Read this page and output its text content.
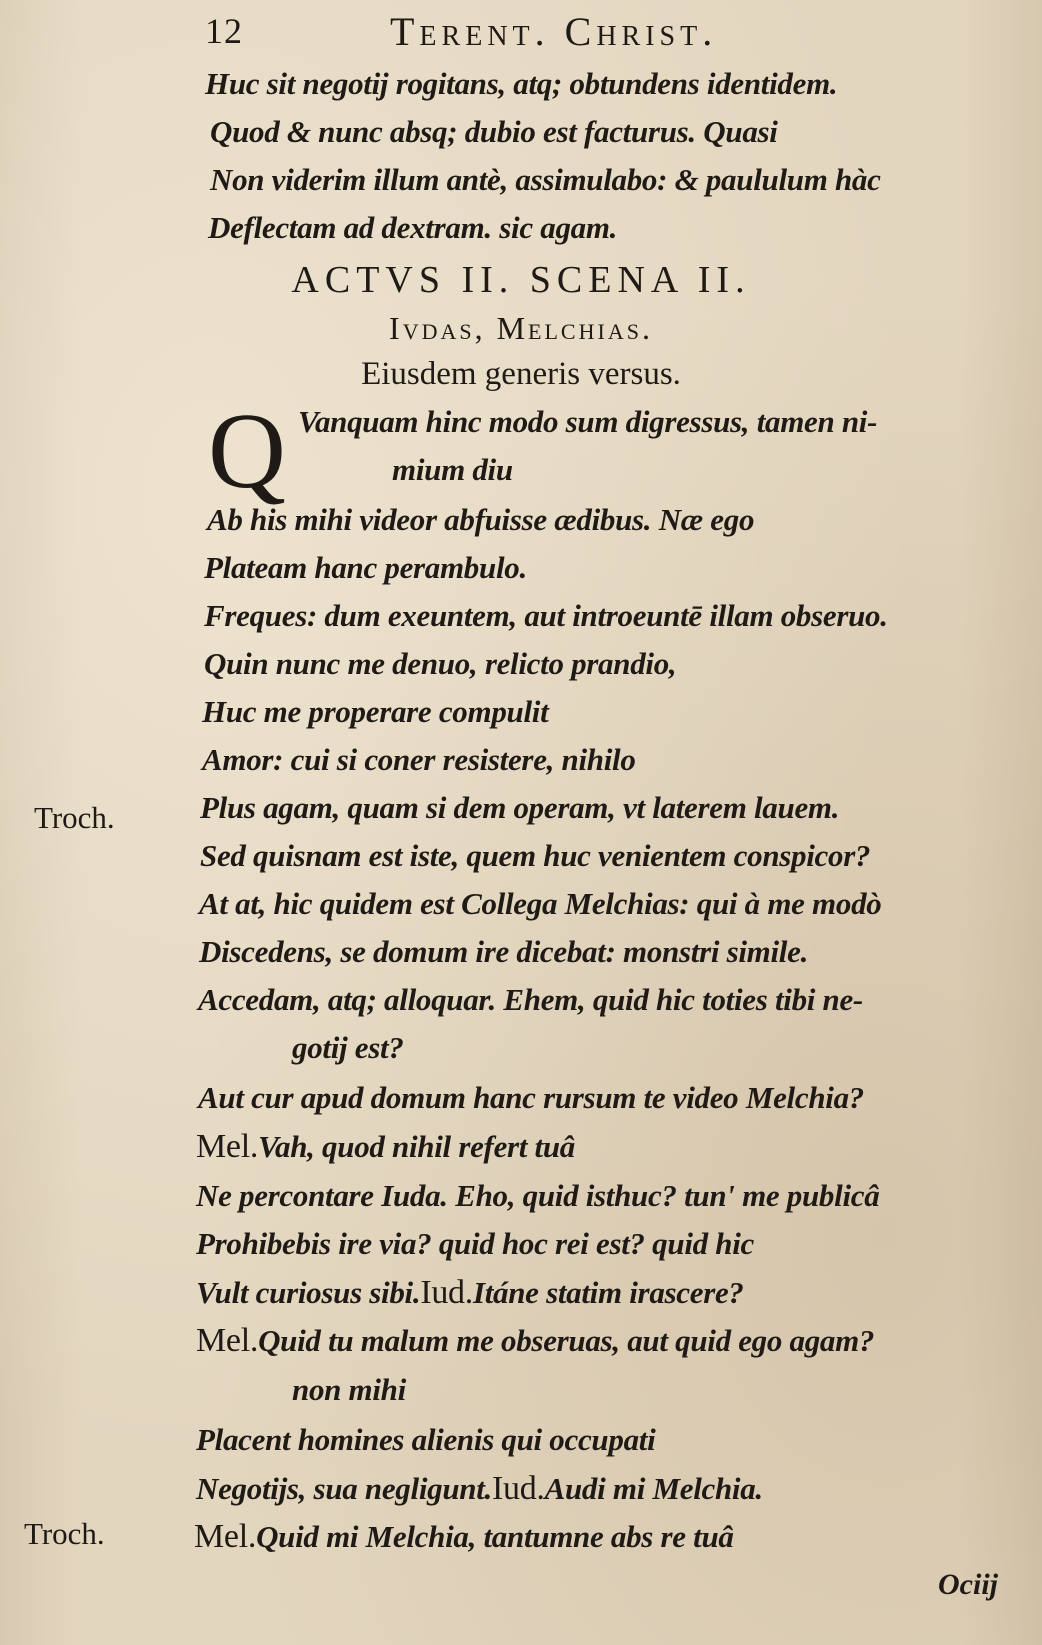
12	Terent. Christ.
Huc sit negotij rogitans, atq; obtundens identidem.
Quod & nunc absq; dubio est facturus. Quasi
Non viderim illum antè, assimulabo: & paululum hàc
Deflectam ad dextram. sic agam.
ACTVS II. SCENA II.
Ivdas, Melchias.
Eiusdem generis versus.
Q Vanquam hinc modo sum digressus, tamen ni-
mium diu
Ab his mihi videor abfuisse ædibus. Næ ego
Plateam hanc perambulo.
Freques: dum exeuntem, aut introeuntē illam obseruo.
Quin nunc me denuo, relicto prandio,
Huc me properare compulit
Amor: cui si coner resistere, nihilo
Plus agam, quam si dem operam, vt laterem lauem.
Sed quisnam est iste, quem huc venientem conspicor?
At at, hic quidem est Collega Melchias: qui à me modò
Discedens, se domum ire dicebat: monstri simile.
Accedam, atq; alloquar. Ehem, quid hic toties tibi ne-
gotij est?
Aut cur apud domum hanc rursum te video Melchia?
Mel.Vah, quod nihil refert tuâ
Ne percontare Iuda. Eho, quid isthuc? tun' me publicâ
Prohibebis ire via? quid hoc rei est? quid hic
Vult curiosus sibi.Iud.Itáne statim irascere?
Mel.Quid tu malum me obseruas, aut quid ego agam?
non mihi
Placent homines alienis qui occupati
Negotijs, sua negligunt.Iud.Audi mi Melchia.
Mel.Quid mi Melchia, tantumne abs re tuâ
Troch.
Troch.
Ociij
